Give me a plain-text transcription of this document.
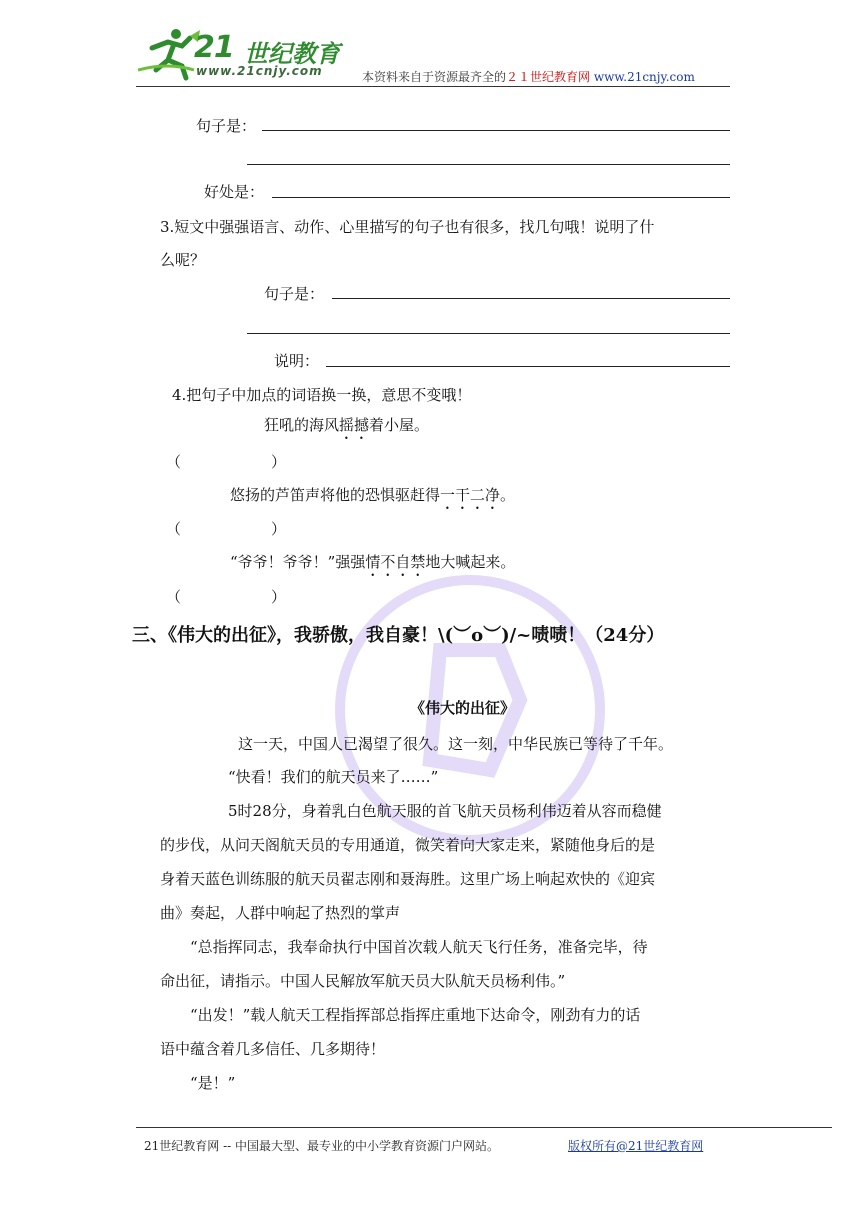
21 世纪教育
www.21cnjy.com	本资料来自于资源最齐全的２１世纪教育网 www.21cnjy.com
句子是：
好处是：
3.短文中强强语言、动作、心里描写的句子也有很多，找几句哦！说明了什
么呢？
句子是：
说明：
4.把句子中加点的词语换一换，意思不变哦！
狂吼的海风摇撼着小屋。
（　　　　　　）
悠扬的芦笛声将他的恐惧驱赶得一干二净。
（　　　　　　）
“爷爷！爷爷！”强强情不自禁地大喊起来。
（　　　　　　）
三、《伟大的出征》，我骄傲，我自豪！\(︶o︶)/~啧啧！（24分）
《伟大的出征》
这一天，中国人已渴望了很久。这一刻，中华民族已等待了千年。
“快看！我们的航天员来了……”
5时28分，身着乳白色航天服的首飞航天员杨利伟迈着从容而稳健
的步伐，从问天阁航天员的专用通道，微笑着向大家走来，紧随他身后的是
身着天蓝色训练服的航天员翟志刚和聂海胜。这里广场上响起欢快的《迎宾
曲》奏起，人群中响起了热烈的掌声
“总指挥同志，我奉命执行中国首次载人航天飞行任务，准备完毕，待
命出征，请指示。中国人民解放军航天员大队航天员杨利伟。”
“出发！”载人航天工程指挥部总指挥庄重地下达命令，刚劲有力的话
语中蕴含着几多信任、几多期待！
“是！”
21世纪教育网 -- 中国最大型、最专业的中小学教育资源门户网站。	版权所有@21世纪教育网
